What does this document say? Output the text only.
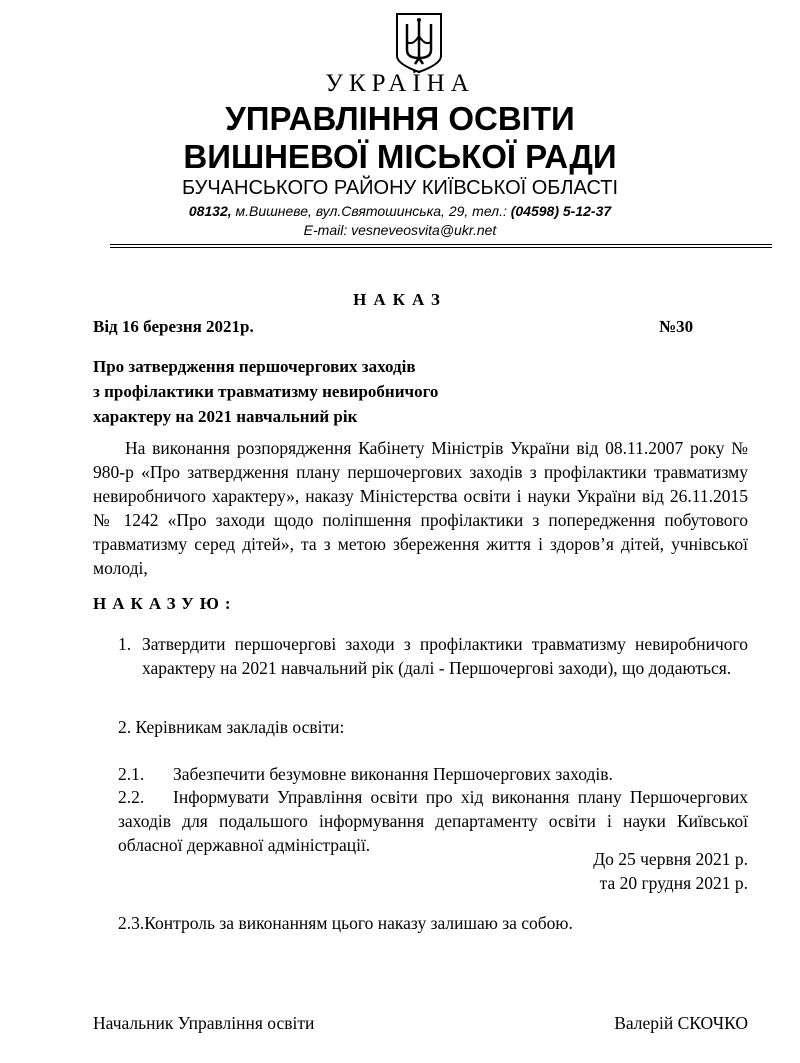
УКРАЇНА
УПРАВЛІННЯ ОСВІТИ
ВИШНЕВОЇ МІСЬКОЇ РАДИ
БУЧАНСЬКОГО РАЙОНУ КИЇВСЬКОЇ ОБЛАСТІ
08132, м.Вишневе, вул.Святошинська, 29, тел.: (04598) 5-12-37
E-mail: vesneveosvita@ukr.net
НАКАЗ
Від 16 березня 2021р.	№30
Про затвердження першочергових заходів
з профілактики травматизму невиробничого
характеру на 2021 навчальний рік
На виконання розпорядження Кабінету Міністрів України від 08.11.2007 року № 980-р «Про затвердження плану першочергових заходів з профілактики травматизму невиробничого характеру», наказу Міністерства освіти і науки України від 26.11.2015 № 1242 «Про заходи щодо поліпшення профілактики з попередження побутового травматизму серед дітей», та з метою збереження життя і здоров’я дітей, учнівської молоді,
НАКАЗУЮ:
1. Затвердити першочергові заходи з профілактики травматизму невиробничого характеру на 2021 навчальний рік (далі - Першочергові заходи), що додаються.
2. Керівникам закладів освіти:
2.1. Забезпечити безумовне виконання Першочергових заходів.
2.2.	Інформувати Управління освіти про хід виконання плану Першочергових заходів для подальшого інформування департаменту освіти і науки Київської обласної державної адміністрації.
До 25 червня 2021 р.
та 20 грудня 2021 р.
2.3.Контроль за виконанням цього наказу залишаю за собою.
Начальник Управління освіти	Валерій СКОЧКО
